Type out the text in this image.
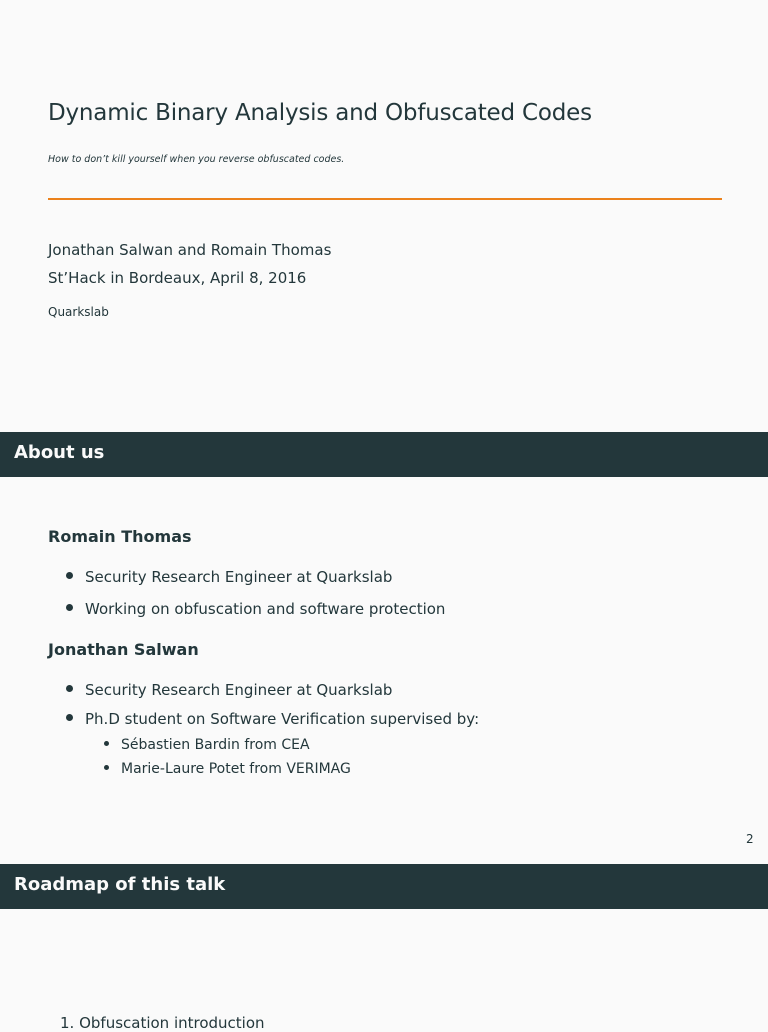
Dynamic Binary Analysis and Obfuscated Codes
How to don’t kill yourself when you reverse obfuscated codes.
Jonathan Salwan and Romain Thomas
St’Hack in Bordeaux, April 8, 2016
Quarkslab
About us
Romain Thomas
Security Research Engineer at Quarkslab
Working on obfuscation and software protection
Jonathan Salwan
Security Research Engineer at Quarkslab
Ph.D student on Software Verification supervised by:
Sébastien Bardin from CEA
Marie-Laure Potet from VERIMAG
2
Roadmap of this talk
1. Obfuscation introduction
